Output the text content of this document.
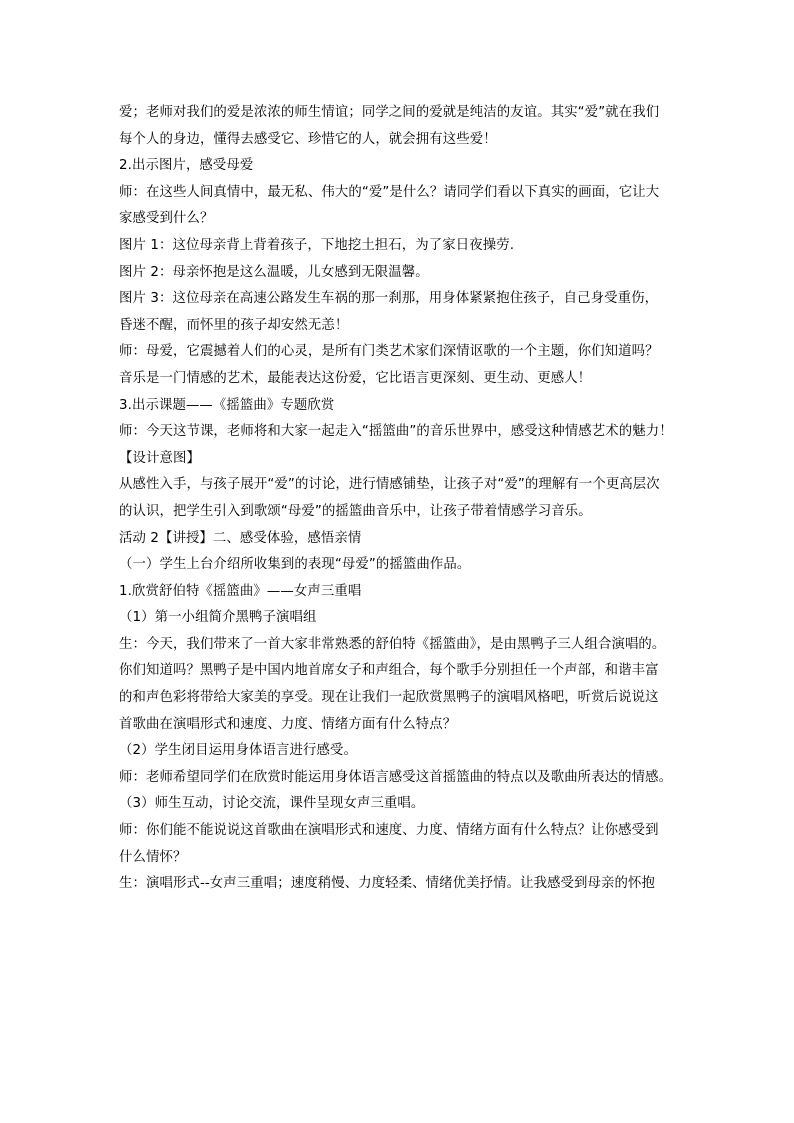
爱；老师对我们的爱是浓浓的师生情谊；同学之间的爱就是纯洁的友谊。其实“爱”就在我们
每个人的身边，懂得去感受它、珍惜它的人，就会拥有这些爱！
2.出示图片，感受母爱
师：在这些人间真情中，最无私、伟大的“爱”是什么？请同学们看以下真实的画面，它让大
家感受到什么？
图片 1：这位母亲背上背着孩子，下地挖土担石，为了家日夜操劳.
图片 2：母亲怀抱是这么温暖，儿女感到无限温馨。
图片 3：这位母亲在高速公路发生车祸的那一刹那，用身体紧紧抱住孩子，自己身受重伤，
昏迷不醒，而怀里的孩子却安然无恙！
师：母爱，它震撼着人们的心灵，是所有门类艺术家们深情讴歌的一个主题，你们知道吗？
音乐是一门情感的艺术，最能表达这份爱，它比语言更深刻、更生动、更感人！
3.出示课题——《摇篮曲》专题欣赏
师：今天这节课，老师将和大家一起走入“摇篮曲”的音乐世界中，感受这种情感艺术的魅力！
【设计意图】
从感性入手，与孩子展开“爱”的讨论，进行情感铺垫，让孩子对“爱”的理解有一个更高层次
的认识，把学生引入到歌颂“母爱”的摇篮曲音乐中，让孩子带着情感学习音乐。
活动 2【讲授】二、感受体验，感悟亲情
（一）学生上台介绍所收集到的表现“母爱”的摇篮曲作品。
1.欣赏舒伯特《摇篮曲》——女声三重唱
（1）第一小组简介黑鸭子演唱组
生：今天，我们带来了一首大家非常熟悉的舒伯特《摇篮曲》，是由黑鸭子三人组合演唱的。
你们知道吗？黑鸭子是中国内地首席女子和声组合，每个歌手分别担任一个声部，和谐丰富
的和声色彩将带给大家美的享受。现在让我们一起欣赏黑鸭子的演唱风格吧，听赏后说说这
首歌曲在演唱形式和速度、力度、情绪方面有什么特点？
（2）学生闭目运用身体语言进行感受。
师：老师希望同学们在欣赏时能运用身体语言感受这首摇篮曲的特点以及歌曲所表达的情感。
（3）师生互动，讨论交流，课件呈现女声三重唱。
师：你们能不能说说这首歌曲在演唱形式和速度、力度、情绪方面有什么特点？让你感受到
什么情怀？
生：演唱形式--女声三重唱；速度稍慢、力度轻柔、情绪优美抒情。让我感受到母亲的怀抱
